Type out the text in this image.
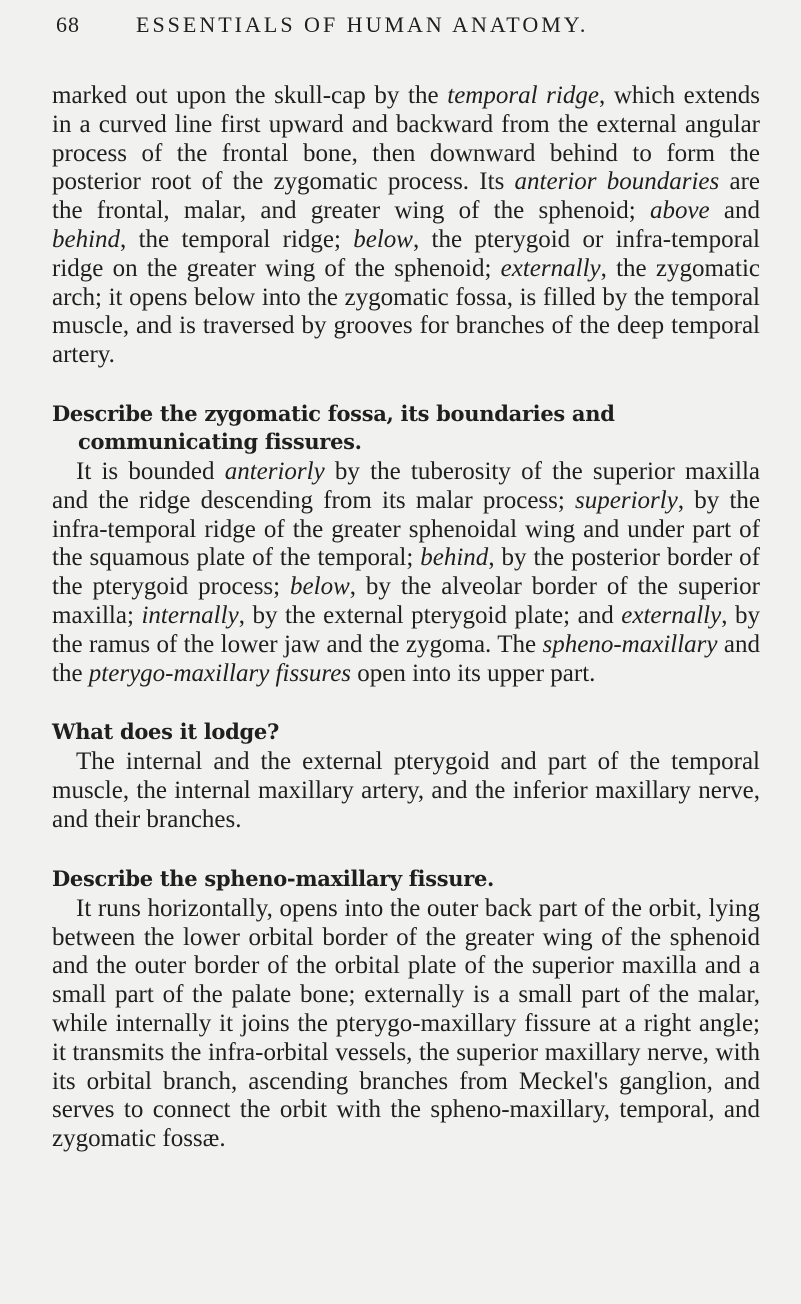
68	ESSENTIALS OF HUMAN ANATOMY.

marked out upon the skull-cap by the temporal ridge, which extends in a curved line first upward and backward from the external angular process of the frontal bone, then downward behind to form the posterior root of the zygomatic process. Its anterior boundaries are the frontal, malar, and greater wing of the sphenoid; above and behind, the temporal ridge; below, the pterygoid or infra-temporal ridge on the greater wing of the sphenoid; externally, the zygomatic arch; it opens below into the zygomatic fossa, is filled by the temporal muscle, and is traversed by grooves for branches of the deep temporal artery.

Describe the zygomatic fossa, its boundaries and communicating fissures.

It is bounded anteriorly by the tuberosity of the superior maxilla and the ridge descending from its malar process; superiorly, by the infra-temporal ridge of the greater sphenoidal wing and under part of the squamous plate of the temporal; behind, by the posterior border of the pterygoid process; below, by the alveolar border of the superior maxilla; internally, by the external pterygoid plate; and externally, by the ramus of the lower jaw and the zygoma. The spheno-maxillary and the pterygo-maxillary fissures open into its upper part.

What does it lodge?

The internal and the external pterygoid and part of the temporal muscle, the internal maxillary artery, and the inferior maxillary nerve, and their branches.

Describe the spheno-maxillary fissure.

It runs horizontally, opens into the outer back part of the orbit, lying between the lower orbital border of the greater wing of the sphenoid and the outer border of the orbital plate of the superior maxilla and a small part of the palate bone; externally is a small part of the malar, while internally it joins the pterygo-maxillary fissure at a right angle; it transmits the infra-orbital vessels, the superior maxillary nerve, with its orbital branch, ascending branches from Meckel's ganglion, and serves to connect the orbit with the spheno-maxillary, temporal, and zygomatic fossæ.
